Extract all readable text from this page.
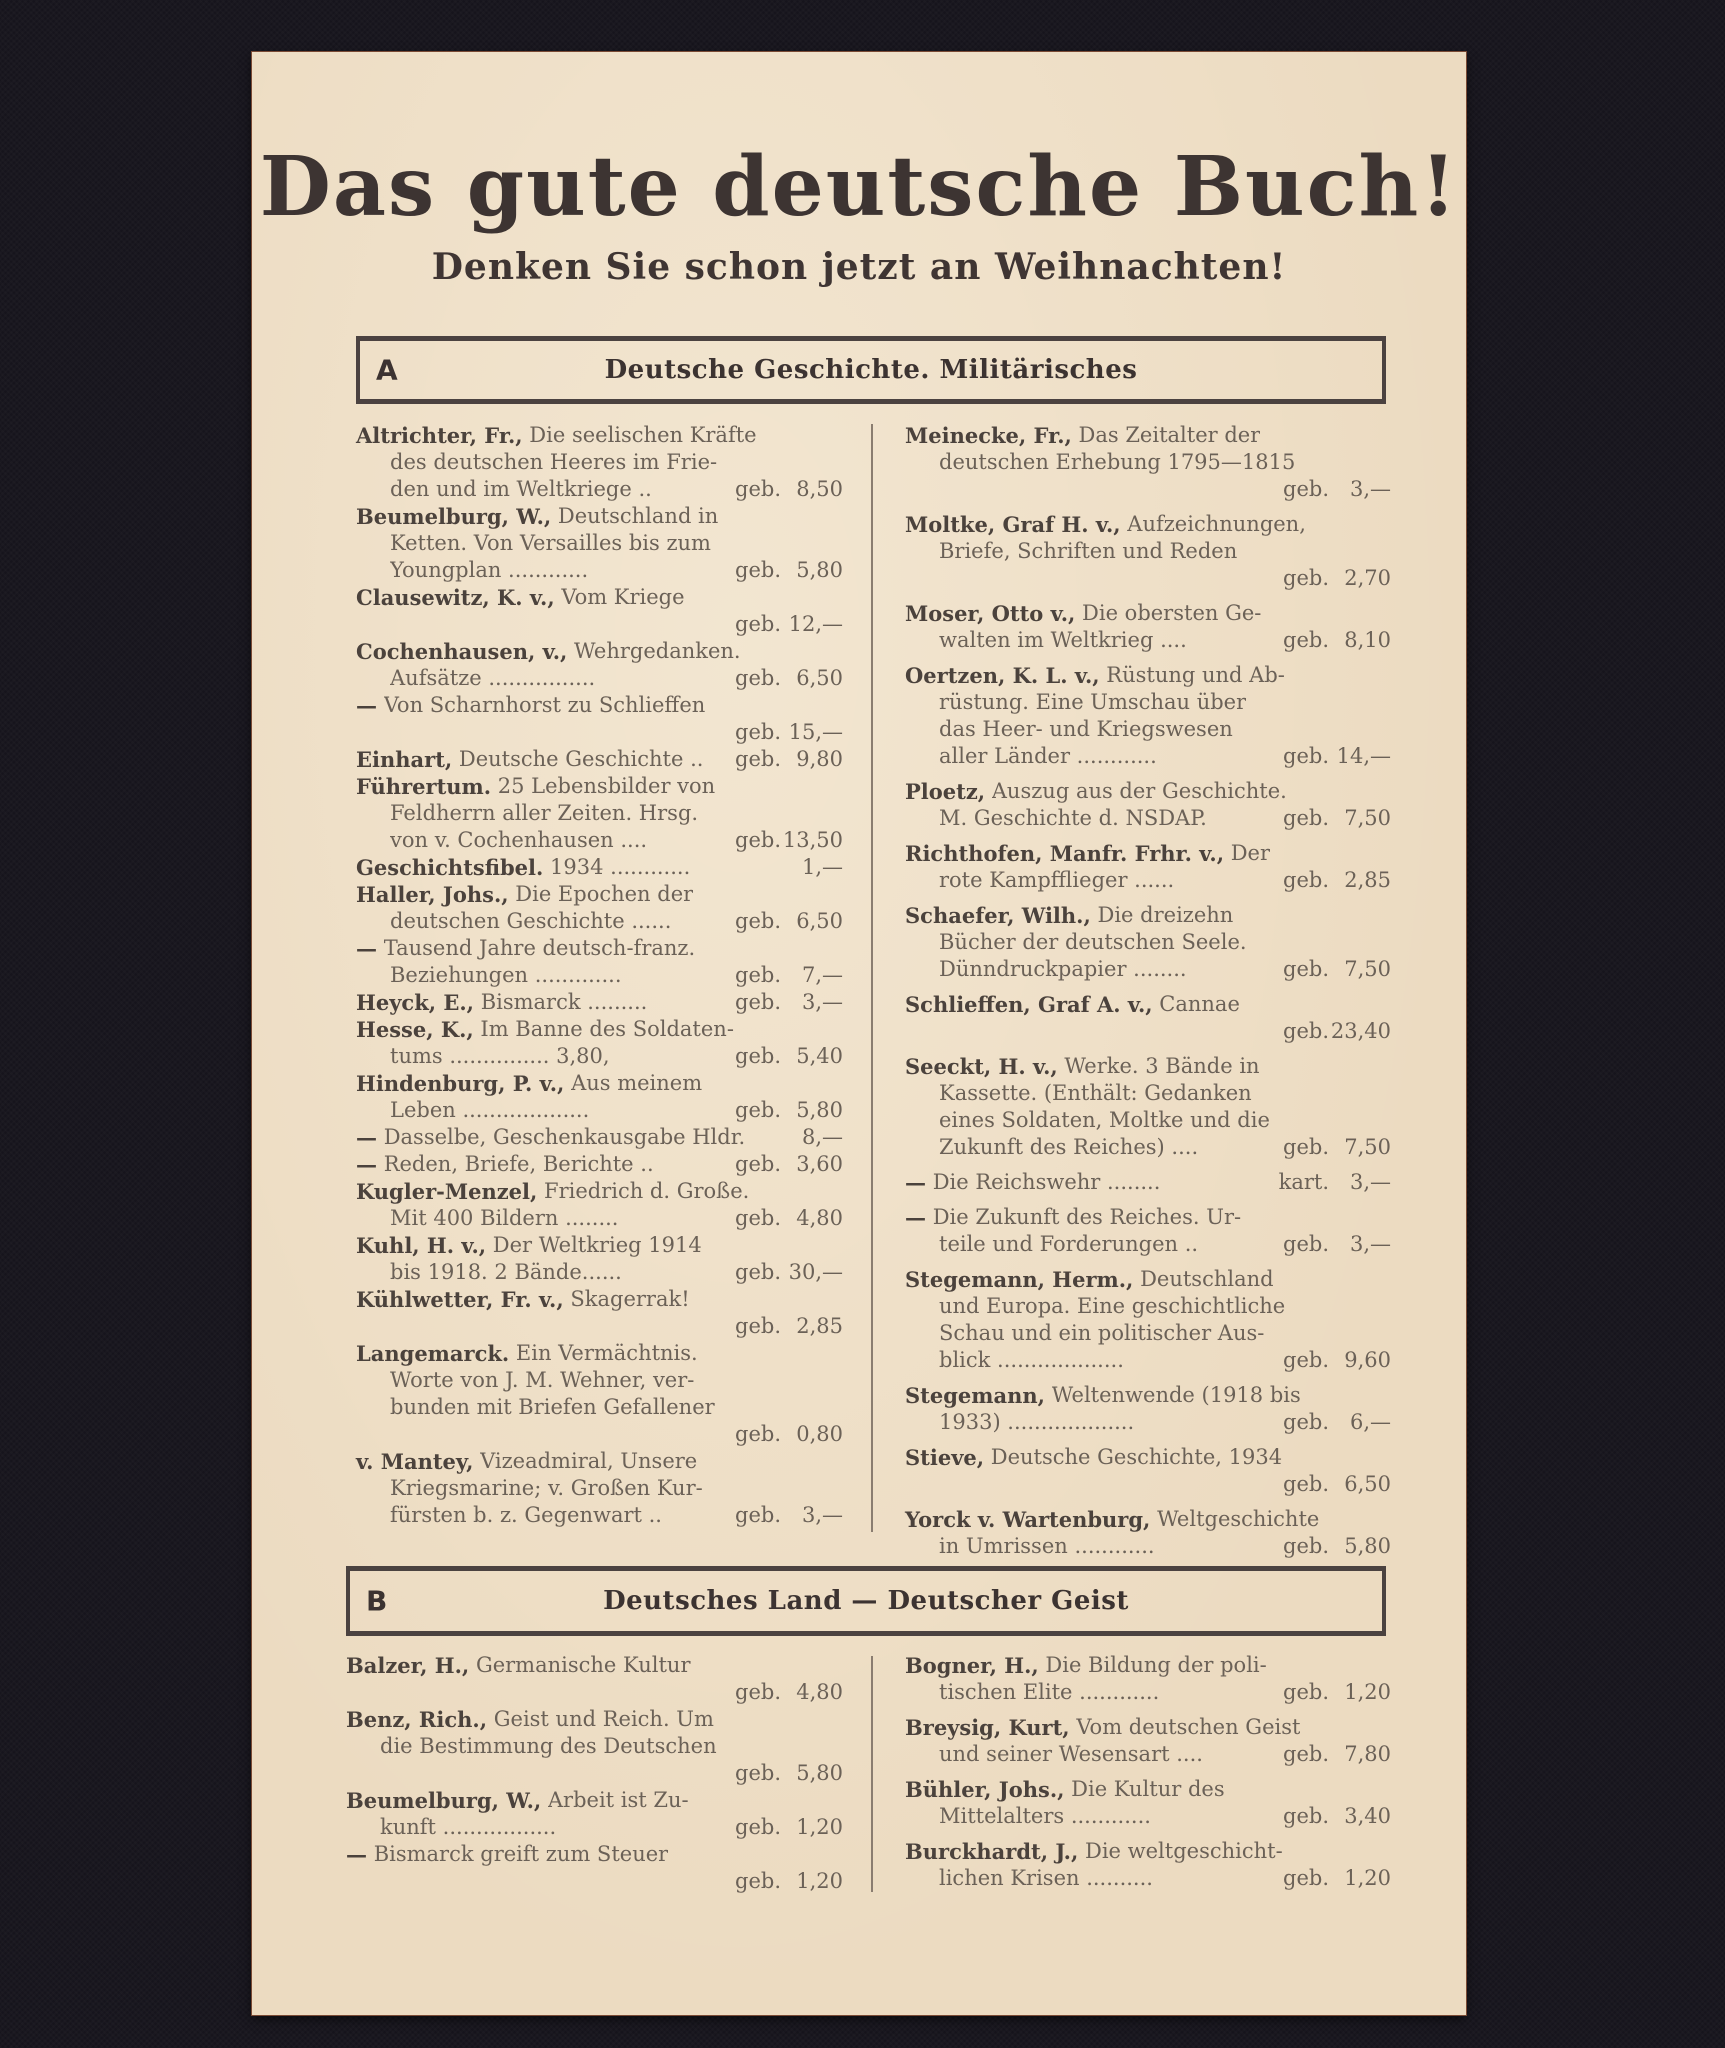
Das gute deutsche Buch!
Denken Sie schon jetzt an Weihnachten!
A	Deutsche Geschichte. Militärisches
Altrichter, Fr.,
Die seelischen Kräfte
des deutschen Heeres im Frie-
den und im Weltkriege ..	geb. 8,50
Beumelburg, W.,
Deutschland in
Ketten. Von Versailles bis zum
Youngplan ............	geb. 5,80
Clausewitz, K. v.,
Vom Kriege
geb. 12,—
Cochenhausen, v.,
Wehrgedanken.
Aufsätze ................	geb. 6,50
—
Von Scharnhorst zu Schlieffen
geb. 15,—
Einhart,
Deutsche Geschichte .. geb. 9,80
Führertum.
25 Lebensbilder von
Feldherrn aller Zeiten. Hrsg.
von v. Cochenhausen ....	geb. 13,50
Geschichtsfibel.
1934 ............	1,—
Haller, Johs.,
Die Epochen der
deutschen Geschichte ......	geb. 6,50
—
Tausend Jahre deutsch-franz.
Beziehungen .............	geb. 7,—
Heyck, E.,
Bismarck .........	geb. 3,—
Hesse, K.,
Im Banne des Soldaten-
tums ............... 3,80,	geb. 5,40
Hindenburg, P. v.,
Aus meinem
Leben ...................	geb. 5,80
—
Dasselbe, Geschenkausgabe Hldr.	8,—
—
Reden, Briefe, Berichte ..	geb. 3,60
Kugler-Menzel,
Friedrich d. Große.
Mit 400 Bildern ........	geb. 4,80
Kuhl, H. v.,
Der Weltkrieg 1914
bis 1918. 2 Bände......	geb. 30,—
Kühlwetter, Fr. v.,
Skagerrak!
geb. 2,85
Langemarck.
Ein Vermächtnis.
Worte von J. M. Wehner, ver-
bunden mit Briefen Gefallener
geb. 0,80
v. Mantey,
Vizeadmiral, Unsere
Kriegsmarine; v. Großen Kur-
fürsten b. z. Gegenwart ..	geb. 3,—
Meinecke, Fr.,
Das Zeitalter der
deutschen Erhebung 1795—1815
geb. 3,—
Moltke, Graf H. v.,
Aufzeichnungen,
Briefe, Schriften und Reden
geb. 2,70
Moser, Otto v.,
Die obersten Ge-
walten im Weltkrieg ....	geb. 8,10
Oertzen, K. L. v.,
Rüstung und Ab-
rüstung. Eine Umschau über
das Heer- und Kriegswesen
aller Länder ............	geb. 14,—
Ploetz,
Auszug aus der Geschichte.
M. Geschichte d. NSDAP.	geb. 7,50
Richthofen, Manfr. Frhr. v.,
Der
rote Kampfflieger ......	geb. 2,85
Schaefer, Wilh.,
Die dreizehn
Bücher der deutschen Seele.
Dünndruckpapier ........	geb. 7,50
Schlieffen, Graf A. v.,
Cannae
geb. 23,40
Seeckt, H. v.,
Werke. 3 Bände in
Kassette. (Enthält: Gedanken
eines Soldaten, Moltke und die
Zukunft des Reiches) ....	geb. 7,50
—
Die Reichswehr ........	kart. 3,—
—
Die Zukunft des Reiches. Ur-
teile und Forderungen ..	geb. 3,—
Stegemann, Herm.,
Deutschland
und Europa. Eine geschichtliche
Schau und ein politischer Aus-
blick ...................	geb. 9,60
Stegemann,
Weltenwende (1918 bis
1933) ...................	geb. 6,—
Stieve,
Deutsche Geschichte, 1934
geb. 6,50
Yorck v. Wartenburg,
Weltgeschichte
in Umrissen ............	geb. 5,80
B	Deutsches Land — Deutscher Geist
Balzer, H.,
Germanische Kultur
geb. 4,80
Benz, Rich.,
Geist und Reich. Um
die Bestimmung des Deutschen
geb. 5,80
Beumelburg, W.,
Arbeit ist Zu-
kunft .................	geb. 1,20
—
Bismarck greift zum Steuer
geb. 1,20
Bogner, H.,
Die Bildung der poli-
tischen Elite ............	geb. 1,20
Breysig, Kurt,
Vom deutschen Geist
und seiner Wesensart ....	geb. 7,80
Bühler, Johs.,
Die Kultur des
Mittelalters ............	geb. 3,40
Burckhardt, J.,
Die weltgeschicht-
lichen Krisen ..........	geb. 1,20
